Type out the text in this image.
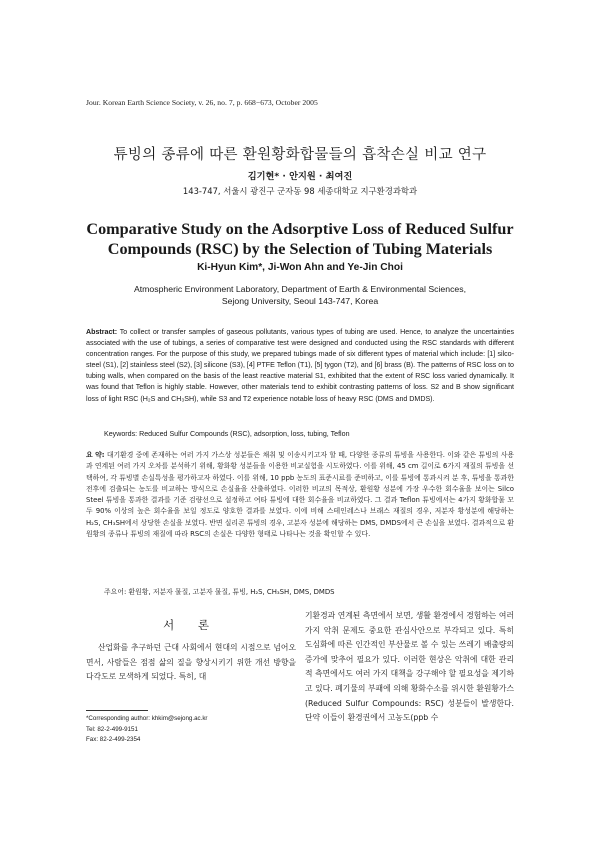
Jour. Korean Earth Science Society, v. 26, no. 7, p. 668−673, October 2005
튜빙의 종류에 따른 환원황화합물들의 흡착손실 비교 연구
김기현* · 안지원 · 최여진
143-747, 서울시 광진구 군자동 98 세종대학교 지구환경과학과
Comparative Study on the Adsorptive Loss of Reduced Sulfur
Compounds (RSC) by the Selection of Tubing Materials
Ki-Hyun Kim*, Ji-Won Ahn and Ye-Jin Choi
Atmospheric Environment Laboratory, Department of Earth & Environmental Sciences,
Sejong University, Seoul 143-747, Korea
Abstract: To collect or transfer samples of gaseous pollutants, various types of tubing are used. Hence, to analyze the uncertainties associated with the use of tubings, a series of comparative test were designed and conducted using the RSC standards with different concentration ranges. For the purpose of this study, we prepared tubings made of six different types of material which include: [1] silco-steel (S1), [2] stainless steel (S2), [3] silicone (S3), [4] PTFE Teflon (T1), [5] tygon (T2), and [6] brass (B). The patterns of RSC loss on to tubing walls, when compared on the basis of the least reactive material S1, exhibited that the extent of RSC loss varied dynamically. It was found that Teflon is highly stable. However, other materials tend to exhibit contrasting patterns of loss. S2 and B show significant loss of light RSC (H₂S and CH₃SH), while S3 and T2 experience notable loss of heavy RSC (DMS and DMDS).
Keywords: Reduced Sulfur Compounds (RSC), adsorption, loss, tubing, Teflon
요 약: 대기환경 중에 존재하는 여러 가지 가스상 성분들은 채취 및 이송시키고자 할 때, 다양한 종류의 튜빙을 사용한다. 이와 같은 튜빙의 사용과 연계된 여러 가지 오차를 분석하기 위해, 황화황 성분들을 이용한 비교실험을 시도하였다. 이를 위해, 45 cm 길이로 6가지 재질의 튜빙을 선택하여, 각 튜빙별 손실특성을 평가하고자 하였다. 이를 위해, 10 ppb 농도의 표준시료를 준비하고, 이를 튜빙에 통과시켜 분 후, 튜빙을 통과한 전후에 검출되는 농도를 비교하는 방식으로 손실율을 산출하였다. 이러한 비교의 목적상, 환원황 성분에 가장 우수한 회수율을 보이는 Silco Steel 튜빙을 통과한 결과를 기준 검량선으로 설정하고 여타 튜빙에 대한 회수율을 비교하였다. 그 결과 Teflon 튜빙에서는 4가지 황화합물 모두 90% 이상의 높은 회수율을 보일 정도로 양호한 결과를 보였다. 이에 비해 스테인레스나 브래스 재질의 경우, 저분자 황성분에 해당하는 H₂S, CH₃SH에서 상당한 손실을 보였다. 반면 실리콘 튜빙의 경우, 고분자 성분에 해당하는 DMS, DMDS에서 큰 손실을 보였다. 결과적으로 환원황의 종류나 튜빙의 재질에 따라 RSC의 손실은 다양한 형태로 나타나는 것을 확인할 수 있다.
주요어: 환원황, 저분자 물질, 고분자 물질, 튜빙, H₂S, CH₃SH, DMS, DMDS
서 론
산업화를 추구하던 근대 사회에서 현대의 시점으로 넘어오면서, 사람들은 점점 삶의 질을 향상시키기 위한 개선 방향을 다각도로 모색하게 되었다. 특히, 대
기환경과 연계된 측면에서 보면, 생활 환경에서 경험하는 여러 가지 악취 문제도 중요한 관심사안으로 부각되고 있다. 특히 도심화에 따른 인간적인 부산물로 볼 수 있는 쓰레기 배출량의 증가에 맞추어 필요가 있다. 이러한 현상은 악취에 대한 관리적 측면에서도 여러 가지 대책을 강구해야 할 필요성을 제기하고 있다. 폐기물의 부패에 의해 황화수소를 위시한 환원황가스(Reduced Sulfur Compounds: RSC) 성분들이 발생한다. 단약 이들이 환경권에서 고농도(ppb 수
*Corresponding author: khkim@sejong.ac.kr
Tel: 82-2-499-9151
Fax: 82-2-499-2354
